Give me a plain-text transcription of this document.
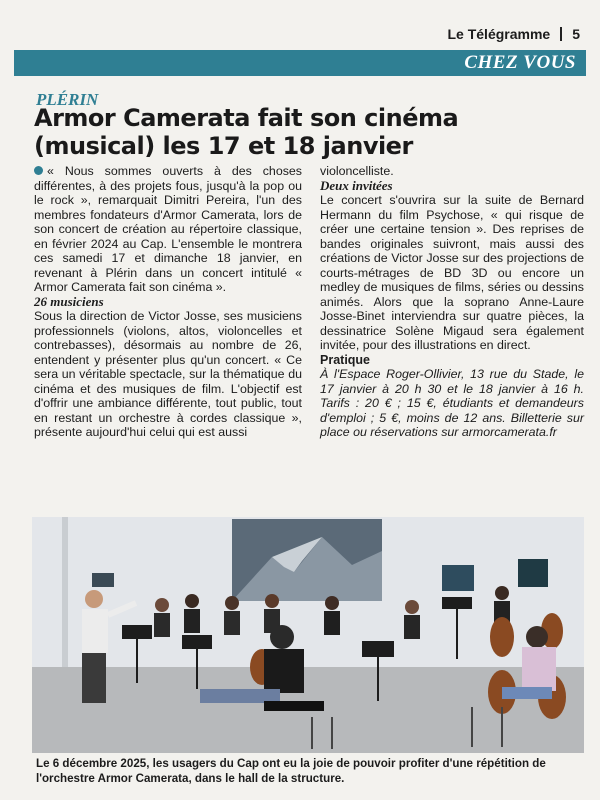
Le Télégramme 5
CHEZ VOUS
PLÉRIN
Armor Camerata fait son cinéma (musical) les 17 et 18 janvier

« Nous sommes ouverts à des choses différentes, à des projets fous, jusqu'à la pop ou le rock », remarquait Dimitri Pereira, l'un des membres fondateurs d'Armor Camerata, lors de son concert de création au répertoire classique, en février 2024 au Cap. L'ensemble le montrera ces samedi 17 et dimanche 18 janvier, en revenant à Plérin dans un concert intitulé « Armor Camerata fait son cinéma ».

26 musiciens

Sous la direction de Victor Josse, ses musiciens professionnels (violons, altos, violoncelles et contrebasses), désormais au nombre de 26, entendent y présenter plus qu'un concert. « Ce sera un véritable spectacle, sur la thématique du cinéma et des musiques de film. L'objectif est d'offrir une ambiance différente, tout public, tout en restant un orchestre à cordes classique », présente aujourd'hui celui qui est aussi

violoncelliste.

Deux invitées

Le concert s'ouvrira sur la suite de Bernard Hermann du film Psychose, « qui risque de créer une certaine tension ». Des reprises de bandes originales suivront, mais aussi des créations de Victor Josse sur des projections de courts-métrages de BD 3D ou encore un medley de musiques de films, séries ou dessins animés. Alors que la soprano Anne-Laure Josse-Binet interviendra sur quatre pièces, la dessinatrice Solène Migaud sera également invitée, pour des illustrations en direct.

Pratique

À l'Espace Roger-Ollivier, 13 rue du Stade, le 17 janvier à 20 h 30 et le 18 janvier à 16 h. Tarifs : 20 € ; 15 €, étudiants et demandeurs d'emploi ; 5 €, moins de 12 ans. Billetterie sur place ou réservations sur armorcamerata.fr

Le 6 décembre 2025, les usagers du Cap ont eu la joie de pouvoir profiter d'une répétition de l'orchestre Armor Camerata, dans le hall de la structure.
